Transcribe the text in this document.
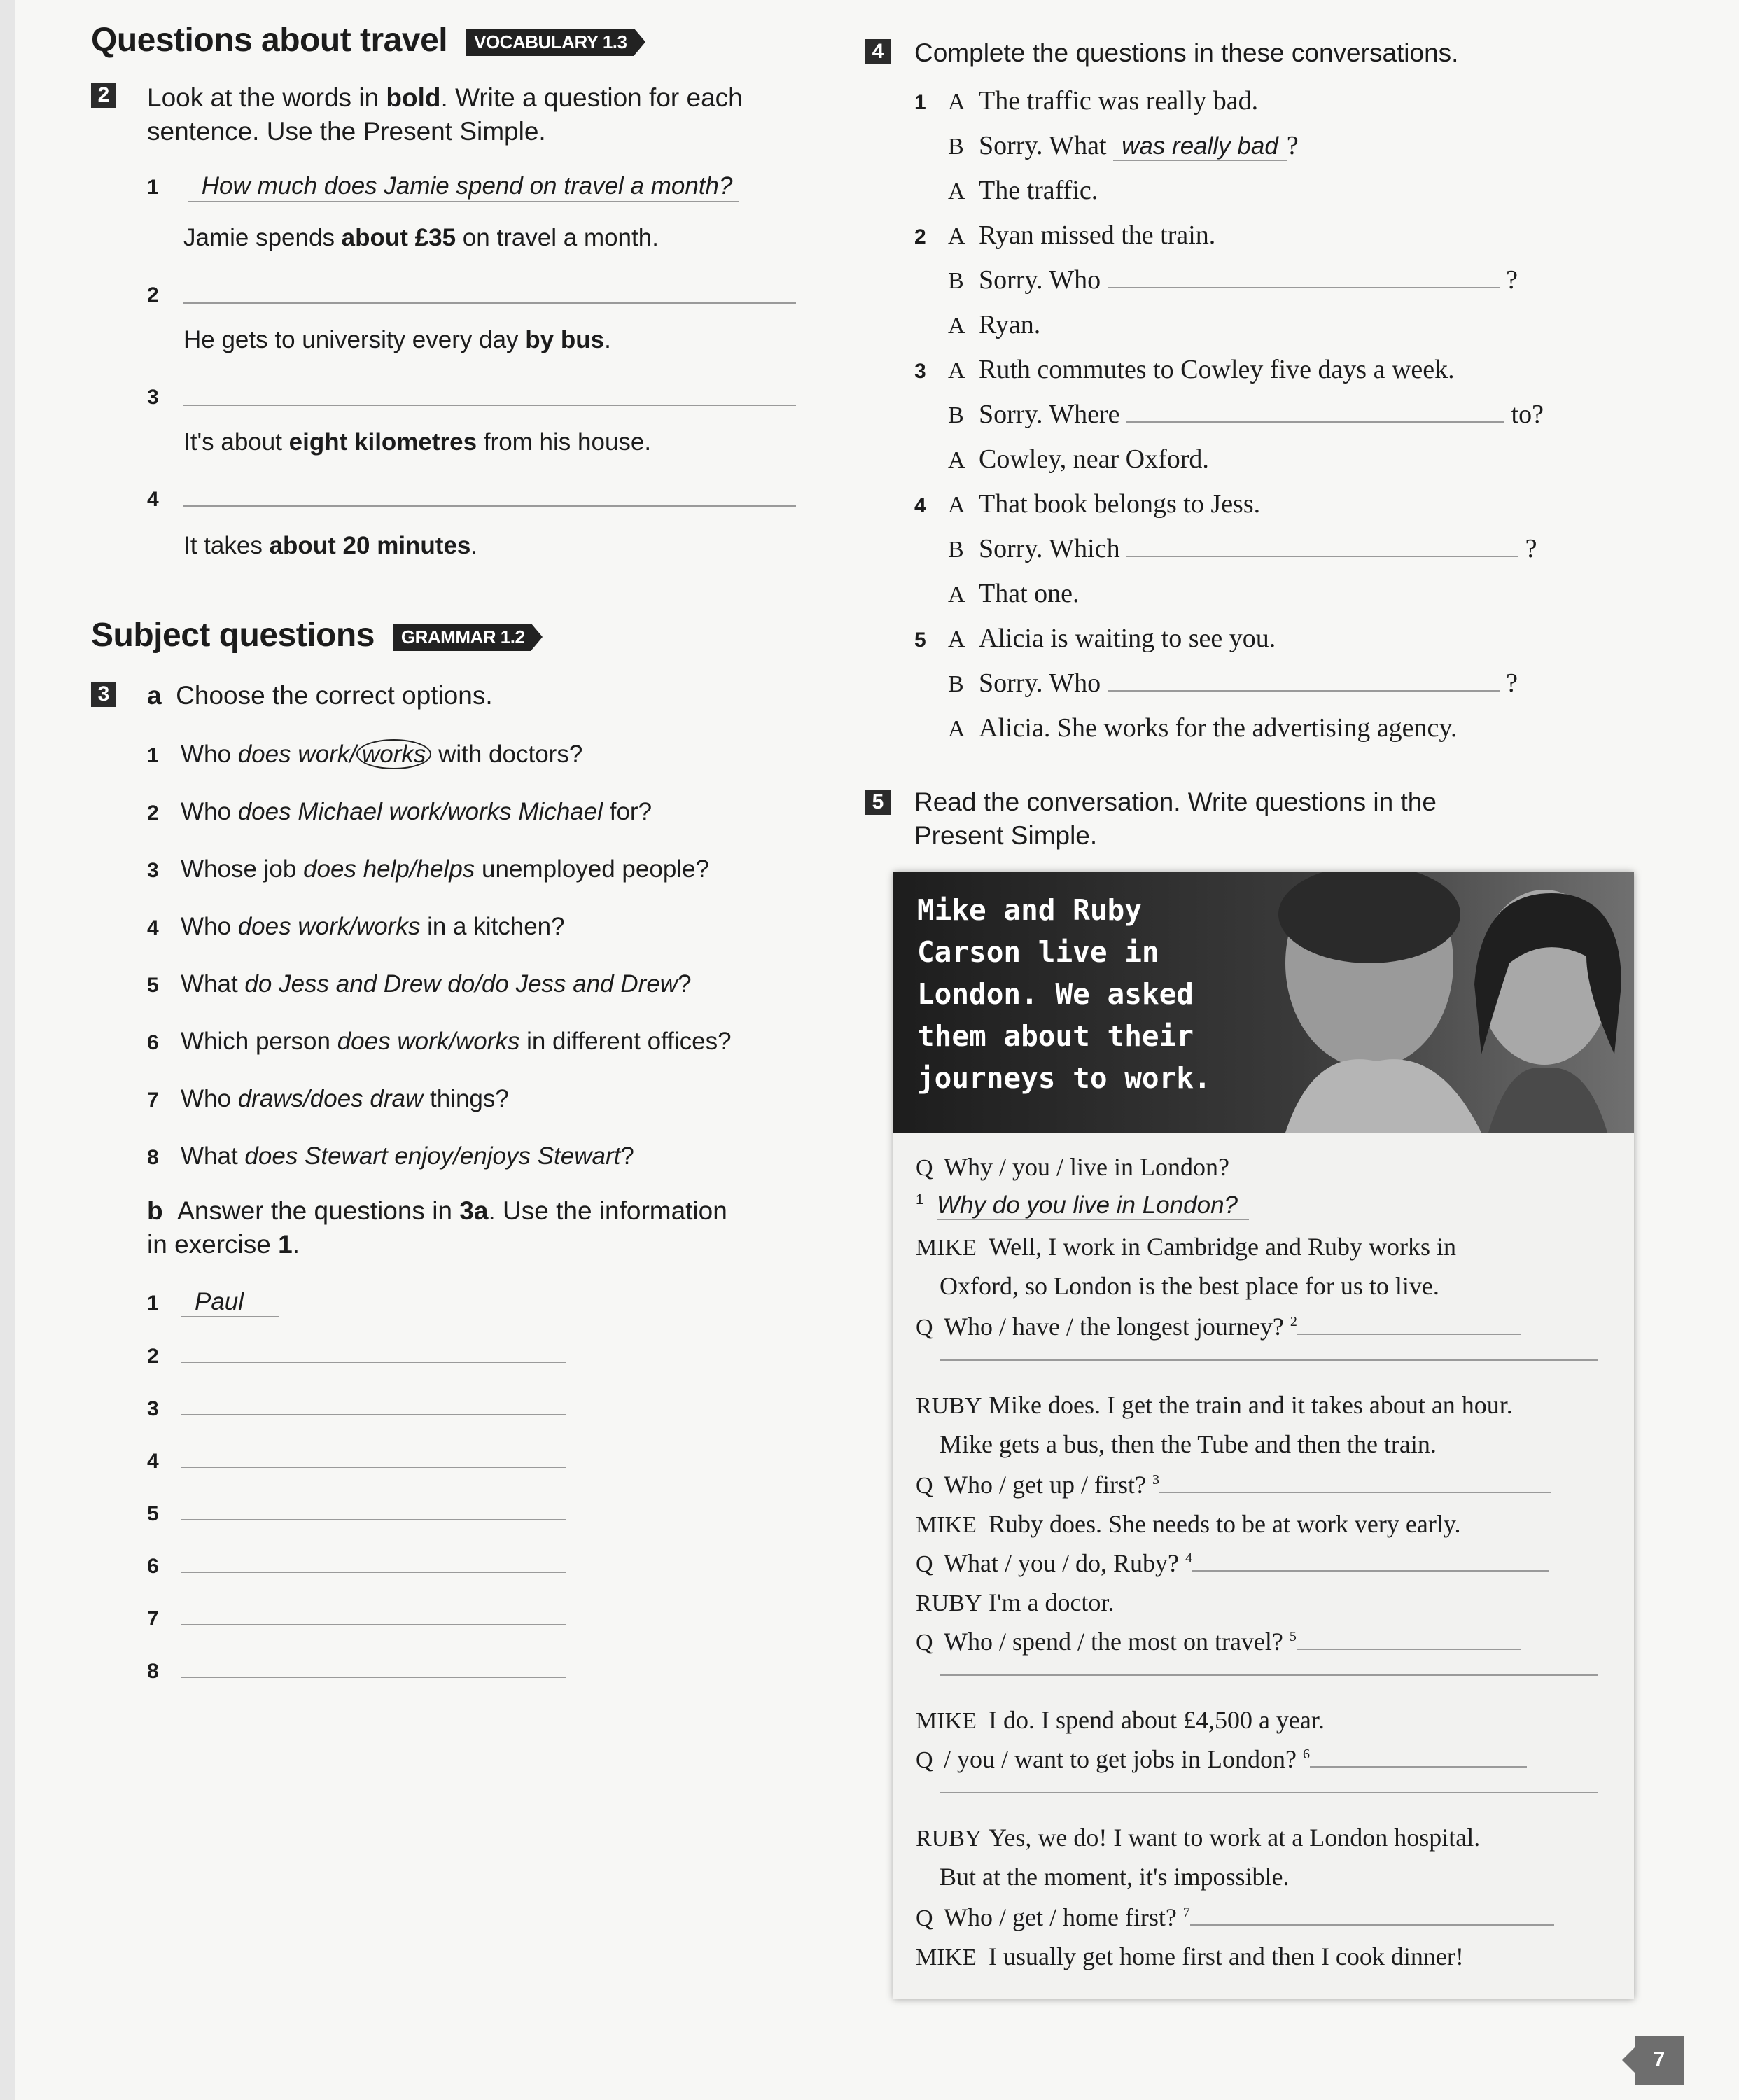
Questions about travel VOCABULARY 1.3
2 Look at the words in bold. Write a question for each
sentence. Use the Present Simple.
1 How much does Jamie spend on travel a month?
Jamie spends about £35 on travel a month.
2
He gets to university every day by bus.
3
It's about eight kilometres from his house.
4
It takes about 20 minutes.
Subject questions GRAMMAR 1.2
3 a Choose the correct options.
1 Who does work/ works with doctors?
2 Who does Michael work/works Michael for?
3 Whose job does help/helps unemployed people?
4 Who does work/works in a kitchen?
5 What do Jess and Drew do/do Jess and Drew?
6 Which person does work/works in different offices?
7 Who draws/does draw things?
8 What does Stewart enjoy/enjoys Stewart?
b Answer the questions in 3a. Use the information
in exercise 1.
1 Paul
2
3
4
5
6
7
8
4 Complete the questions in these conversations.
1 A The traffic was really bad.
B Sorry. What was really bad ?
A The traffic.
2 A Ryan missed the train.
B Sorry. Who	?
A Ryan.
3 A Ruth commutes to Cowley five days a week.
B Sorry. Where	to?
A Cowley, near Oxford.
4 A That book belongs to Jess.
B Sorry. Which	?
A That one.
5 A Alicia is waiting to see you.
B Sorry. Who	?
A Alicia. She works for the advertising agency.
5 Read the conversation. Write questions in the
Present Simple.
Mike and Ruby
Carson live in
London. We asked
them about their
journeys to work.
Q Why / you / live in London?
$^1$ Why do you live in London?
MIKE Well, I work in Cambridge and Ruby works in
Oxford, so London is the best place for us to live.
Q Who / have / the longest journey? $^2$
RUBY Mike does. I get the train and it takes about an hour.
Mike gets a bus, then the Tube and then the train.
Q Who / get up / first? $^3$
MIKE Ruby does. She needs to be at work very early.
Q What / you / do, Ruby? $^4$
RUBY I'm a doctor.
Q Who / spend / the most on travel? $^5$
MIKE I do. I spend about £4,500 a year.
Q / you / want to get jobs in London? $^6$
RUBY Yes, we do! I want to work at a London hospital.
But at the moment, it's impossible.
Q Who / get / home first? $^7$
MIKE I usually get home first and then I cook dinner!
7
